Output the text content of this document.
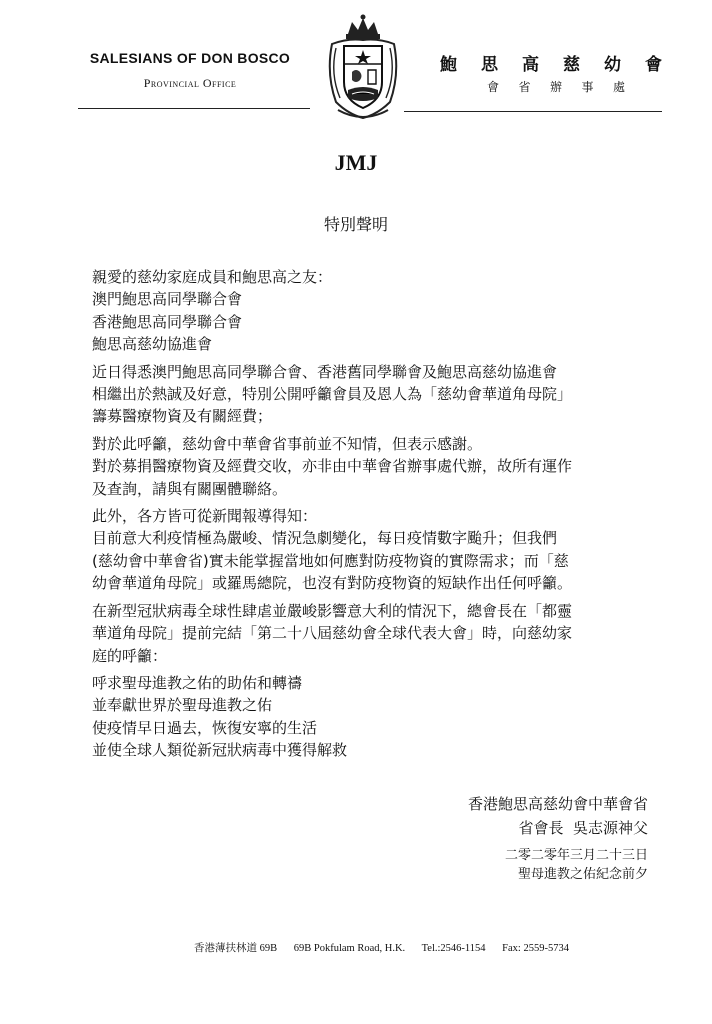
SALESIANS OF DON BOSCO
Provincial Office
鮑 思 高 慈 幼 會
會 省 辦 事 處
JMJ
特別聲明

親愛的慈幼家庭成員和鮑思高之友：
澳門鮑思高同學聯合會
香港鮑思高同學聯合會
鮑思高慈幼協進會

近日得悉澳門鮑思高同學聯合會、香港舊同學聯會及鮑思高慈幼協進會
相繼出於熱誠及好意，特別公開呼籲會員及恩人為「慈幼會華道角母院」
籌募醫療物資及有關經費；

對於此呼籲，慈幼會中華會省事前並不知情，但表示感謝。
對於募捐醫療物資及經費交收，亦非由中華會省辦事處代辦，故所有運作
及查詢，請與有關團體聯絡。

此外，各方皆可從新聞報導得知：
目前意大利疫情極為嚴峻、情況急劇變化，每日疫情數字颱升；但我們
(慈幼會中華會省)實未能掌握當地如何應對防疫物資的實際需求；而「慈
幼會華道角母院」或羅馬總院，也沒有對防疫物資的短缺作出任何呼籲。

在新型冠狀病毒全球性肆虐並嚴峻影響意大利的情況下，總會長在「都靈
華道角母院」提前完結「第二十八屆慈幼會全球代表大會」時，向慈幼家
庭的呼籲：

呼求聖母進教之佑的助佑和轉禱
並奉獻世界於聖母進教之佑
使疫情早日過去，恢復安寧的生活
並使全球人類從新冠狀病毒中獲得解救

香港鮑思高慈幼會中華會省
省會長  吳志源神父
二零二零年三月二十三日
聖母進教之佑紀念前夕
香港薄扶林道 69B 69B Pokfulam Road, H.K. Tel.:2546-1154 Fax: 2559-5734
